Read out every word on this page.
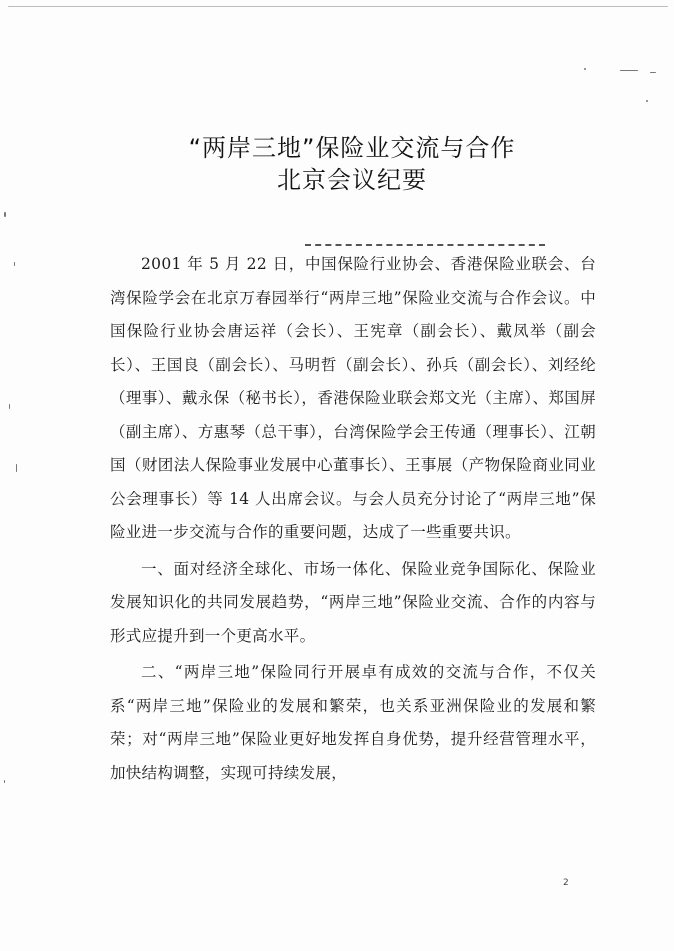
“两岸三地”保险业交流与合作
北京会议纪要

2001 年 5 月 22 日，中国保险行业协会、香港保险业联会、台湾保险学会在北京万春园举行“两岸三地”保险业交流与合作会议。中国保险行业协会唐运祥（会长）、王宪章（副会长）、戴凤举（副会长）、王国良（副会长）、马明哲（副会长）、孙兵（副会长）、刘经纶（理事）、戴永保（秘书长），香港保险业联会郑文光（主席）、郑国屏（副主席）、方惠琴（总干事），台湾保险学会王传通（理事长）、江朝国（财团法人保险事业发展中心董事长）、王事展（产物保险商业同业公会理事长）等 14 人出席会议。与会人员充分讨论了“两岸三地”保险业进一步交流与合作的重要问题，达成了一些重要共识。

一、面对经济全球化、市场一体化、保险业竞争国际化、保险业发展知识化的共同发展趋势，“两岸三地”保险业交流、合作的内容与形式应提升到一个更高水平。

二、“两岸三地”保险同行开展卓有成效的交流与合作，不仅关系“两岸三地”保险业的发展和繁荣，也关系亚洲保险业的发展和繁荣；对“两岸三地”保险业更好地发挥自身优势，提升经营管理水平，加快结构调整，实现可持续发展，

2
